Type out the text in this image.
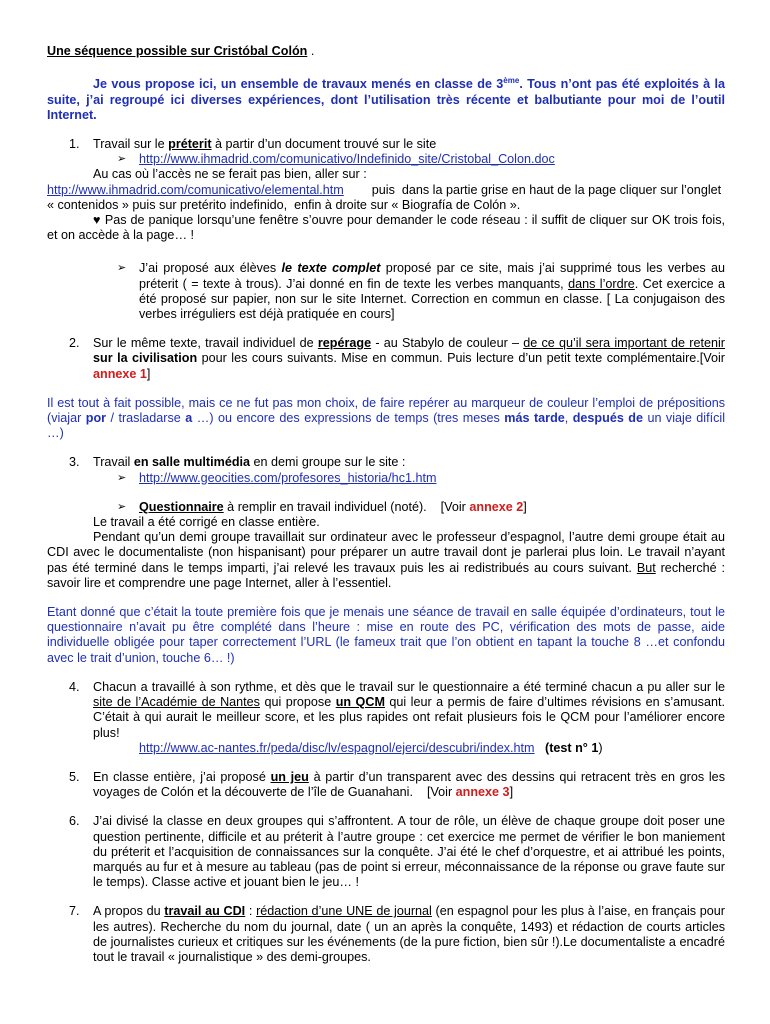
Une séquence possible sur Cristóbal Colón .

Je vous propose ici, un ensemble de travaux menés en classe de 3ème. Tous n’ont pas été exploités à la suite, j’ai regroupé ici diverses expériences, dont l’utilisation très récente et balbutiante pour moi de l’outil Internet.

1. Travail sur le préterit à partir d’un document trouvé sur le site

➢ http://www.ihmadrid.com/comunicativo/Indefinido_site/Cristobal_Colon.doc

Au cas où l’accès ne se ferait pas bien, aller sur :

http://www.ihmadrid.com/comunicativo/elemental.htm        puis  dans la partie grise en haut de la page cliquer sur l’onglet « contenidos » puis sur pretérito indefinido,  enfin à droite sur « Biografía de Colón ».

♥ Pas de panique lorsqu’une fenêtre s’ouvre pour demander le code réseau : il suffit de cliquer sur OK trois fois, et on accède à la page… !

➢ J’ai proposé aux élèves le texte complet proposé par ce site, mais j’ai supprimé tous les verbes au préterit ( = texte à trous). J’ai donné en fin de texte les verbes manquants, dans l’ordre. Cet exercice a été proposé sur papier, non sur le site Internet. Correction en commun en classe. [ La conjugaison des verbes irréguliers est déjà pratiquée en cours]

2. Sur le même texte, travail individuel de repérage - au Stabylo de couleur – de ce qu’il sera important de retenir sur la civilisation pour les cours suivants. Mise en commun. Puis lecture d’un petit texte complémentaire.[Voir annexe 1]

Il est tout à fait possible, mais ce ne fut pas mon choix, de faire repérer au marqueur de couleur l’emploi de prépositions (viajar por / trasladarse a …) ou encore des expressions de temps (tres meses más tarde, después de un viaje difícil …)

3. Travail en salle multimédia en demi groupe sur le site :

➢ http://www.geocities.com/profesores_historia/hc1.htm

➢ Questionnaire à remplir en travail individuel (noté).    [Voir annexe 2]

Le travail a été corrigé en classe entière.

Pendant qu’un demi groupe travaillait sur ordinateur avec le professeur d’espagnol, l’autre demi groupe était au CDI avec le documentaliste (non hispanisant) pour préparer un autre travail dont je parlerai plus loin. Le travail n’ayant pas été terminé dans le temps imparti, j’ai relevé les travaux puis les ai redistribués au cours suivant. But recherché : savoir lire et comprendre une page Internet, aller à l’essentiel.

Etant donné que c’était la toute première fois que je menais une séance de travail en salle équipée d’ordinateurs, tout le questionnaire n’avait pu être complété dans l’heure : mise en route des PC, vérification des mots de passe, aide individuelle obligée pour taper correctement l’URL (le fameux trait que l’on obtient en tapant la touche 8 …et confondu avec le trait d’union, touche 6… !)

4. Chacun a travaillé à son rythme, et dès que le travail sur le questionnaire a été terminé chacun a pu aller sur le site de l’Académie de Nantes qui propose un QCM qui leur a permis de faire d’ultimes révisions en s’amusant. C’était à qui aurait le meilleur score, et les plus rapides ont refait plusieurs fois le QCM pour l’améliorer encore plus!

http://www.ac-nantes.fr/peda/disc/lv/espagnol/ejerci/descubri/index.htm (test n° 1)

5. En classe entière, j’ai proposé un jeu à partir d’un transparent avec des dessins qui retracent très en gros les voyages de Colón et la découverte de l’île de Guanahani.    [Voir annexe 3]

6. J’ai divisé la classe en deux groupes qui s’affrontent. A tour de rôle, un élève de chaque groupe doit poser une question pertinente, difficile et au préterit à l’autre groupe : cet exercice me permet de vérifier le bon maniement du préterit et l’acquisition de connaissances sur la conquête. J’ai été le chef d’orquestre, et ai attribué les points, marqués au fur et à mesure au tableau (pas de point si erreur, méconnaissance de la réponse ou grave faute sur le temps). Classe active et jouant bien le jeu… !

7. A propos du travail au CDI : rédaction d’une UNE de journal (en espagnol pour les plus à l’aise, en français pour les autres). Recherche du nom du journal, date ( un an après la conquête, 1493) et rédaction de courts articles de journalistes curieux et critiques sur les événements (de la pure fiction, bien sûr !).Le documentaliste a encadré tout le travail « journalistique » des demi-groupes.
